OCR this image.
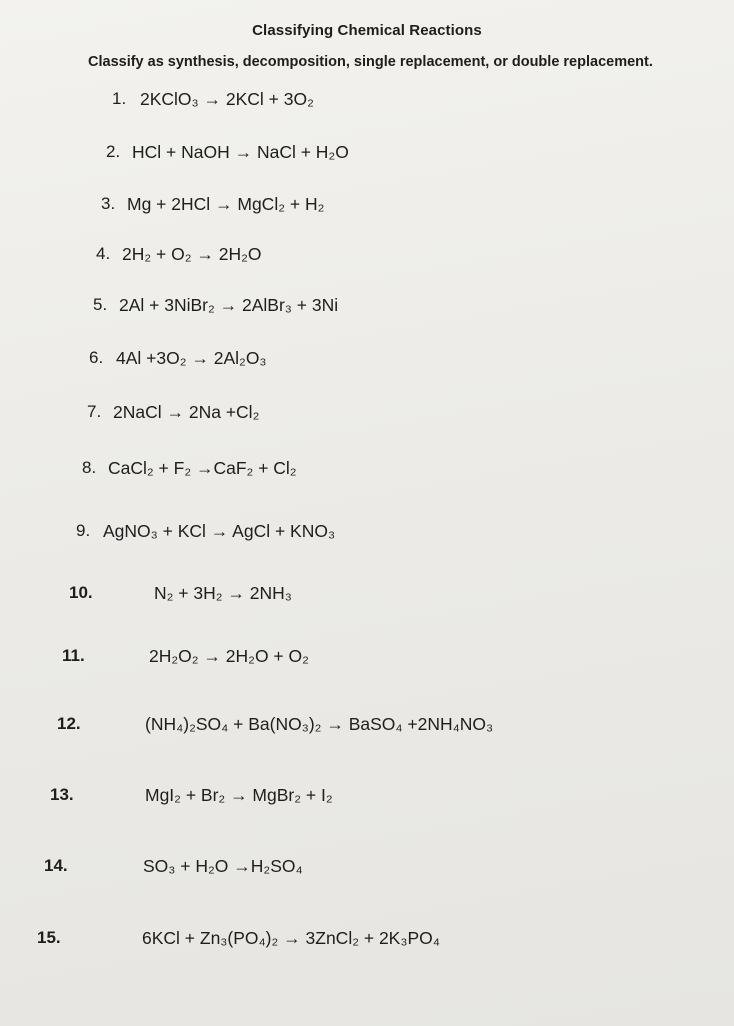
Classifying Chemical Reactions
Classify as synthesis, decomposition, single replacement, or double replacement.
1. 2KClO₃ → 2KCl + 3O₂
2. HCl + NaOH → NaCl + H₂O
3. Mg + 2HCl → MgCl₂ + H₂
4. 2H₂ + O₂ → 2H₂O
5. 2Al + 3NiBr₂ → 2AlBr₃ + 3Ni
6. 4Al +3O₂ → 2Al₂O₃
7. 2NaCl → 2Na +Cl₂
8. CaCl₂ + F₂ →CaF₂ + Cl₂
9. AgNO₃ + KCl → AgCl + KNO₃
10.	N₂ + 3H₂ → 2NH₃
11.	2H₂O₂ → 2H₂O + O₂
12.	(NH₄)₂SO₄ + Ba(NO₃)₂ → BaSO₄ +2NH₄NO₃
13.	MgI₂ + Br₂ → MgBr₂ + I₂
14.	SO₃ + H₂O →H₂SO₄
15.	6KCl + Zn₃(PO₄)₂ → 3ZnCl₂ + 2K₃PO₄
